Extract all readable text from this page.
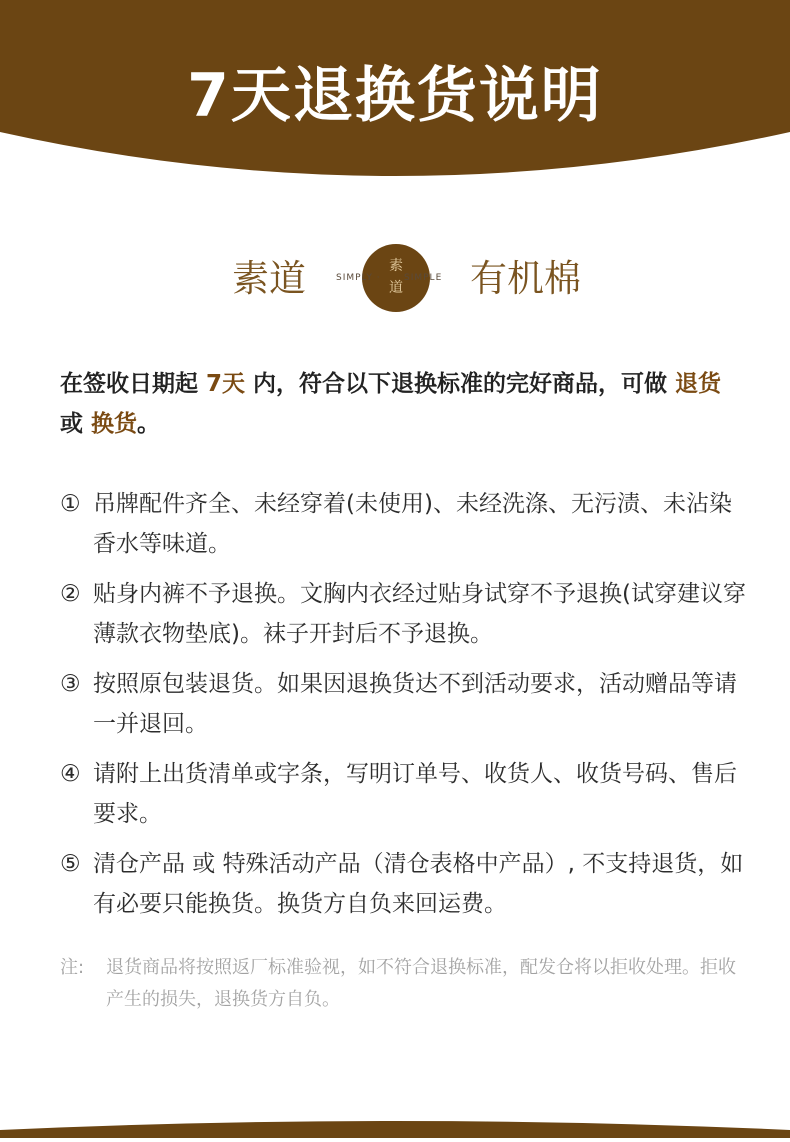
7天退换货说明
素道	素
道
SIMPLY ·	SIMPLE 有机棉
在签收日期起 7天 内，符合以下退换标准的完好商品，可做 退货 或 换货。
① 吊牌配件齐全、未经穿着(未使用)、未经洗涤、无污渍、未沾染香水等味道。
② 贴身内裤不予退换。文胸内衣经过贴身试穿不予退换(试穿建议穿薄款衣物垫底)。袜子开封后不予退换。
③ 按照原包装退货。如果因退换货达不到活动要求，活动赠品等请一并退回。
④ 请附上出货清单或字条，写明订单号、收货人、收货号码、售后要求。
⑤ 清仓产品 或 特殊活动产品（清仓表格中产品）, 不支持退货，如有必要只能换货。换货方自负来回运费。
注:	退货商品将按照返厂标准验视，如不符合退换标准，配发仓将以拒收处理。拒收产生的损失，退换货方自负。
